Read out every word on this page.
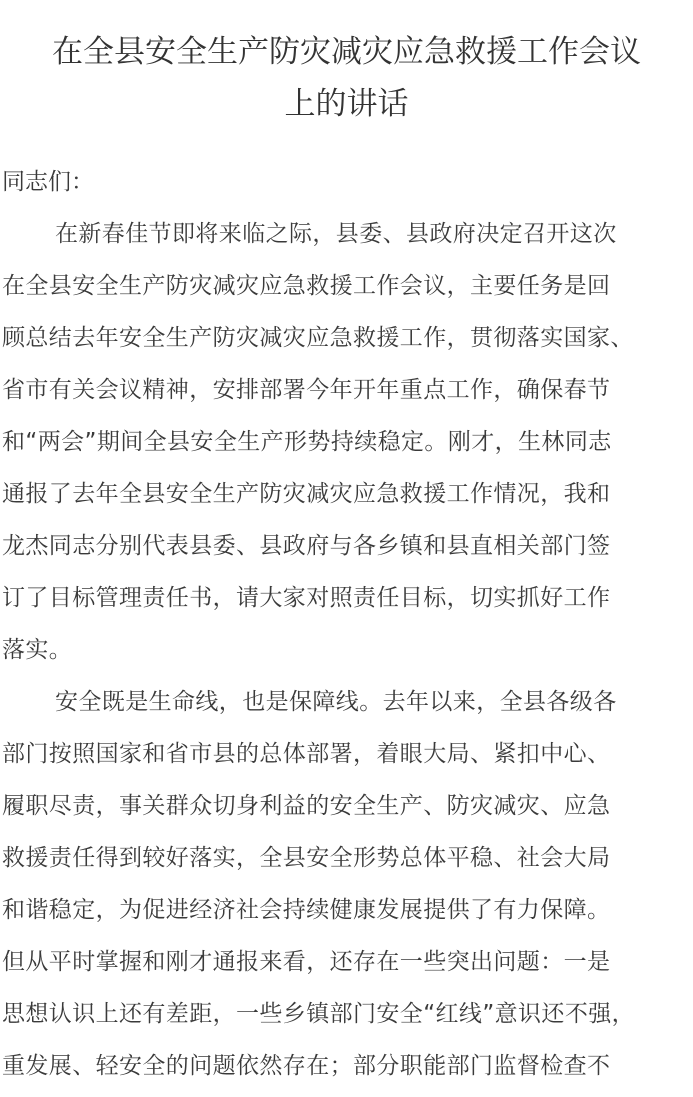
在全县安全生产防灾减灾应急救援工作会议
上的讲话
同志们：
在新春佳节即将来临之际，县委、县政府决定召开这次
在全县安全生产防灾减灾应急救援工作会议，主要任务是回
顾总结去年安全生产防灾减灾应急救援工作，贯彻落实国家、
省市有关会议精神，安排部署今年开年重点工作，确保春节
和“两会”期间全县安全生产形势持续稳定。刚才，生林同志
通报了去年全县安全生产防灾减灾应急救援工作情况，我和
龙杰同志分别代表县委、县政府与各乡镇和县直相关部门签
订了目标管理责任书，请大家对照责任目标，切实抓好工作
落实。
安全既是生命线，也是保障线。去年以来，全县各级各
部门按照国家和省市县的总体部署，着眼大局、紧扣中心、
履职尽责，事关群众切身利益的安全生产、防灾减灾、应急
救援责任得到较好落实，全县安全形势总体平稳、社会大局
和谐稳定，为促进经济社会持续健康发展提供了有力保障。
但从平时掌握和刚才通报来看，还存在一些突出问题：一是
思想认识上还有差距，一些乡镇部门安全“红线”意识还不强，
重发展、轻安全的问题依然存在；部分职能部门监督检查不
